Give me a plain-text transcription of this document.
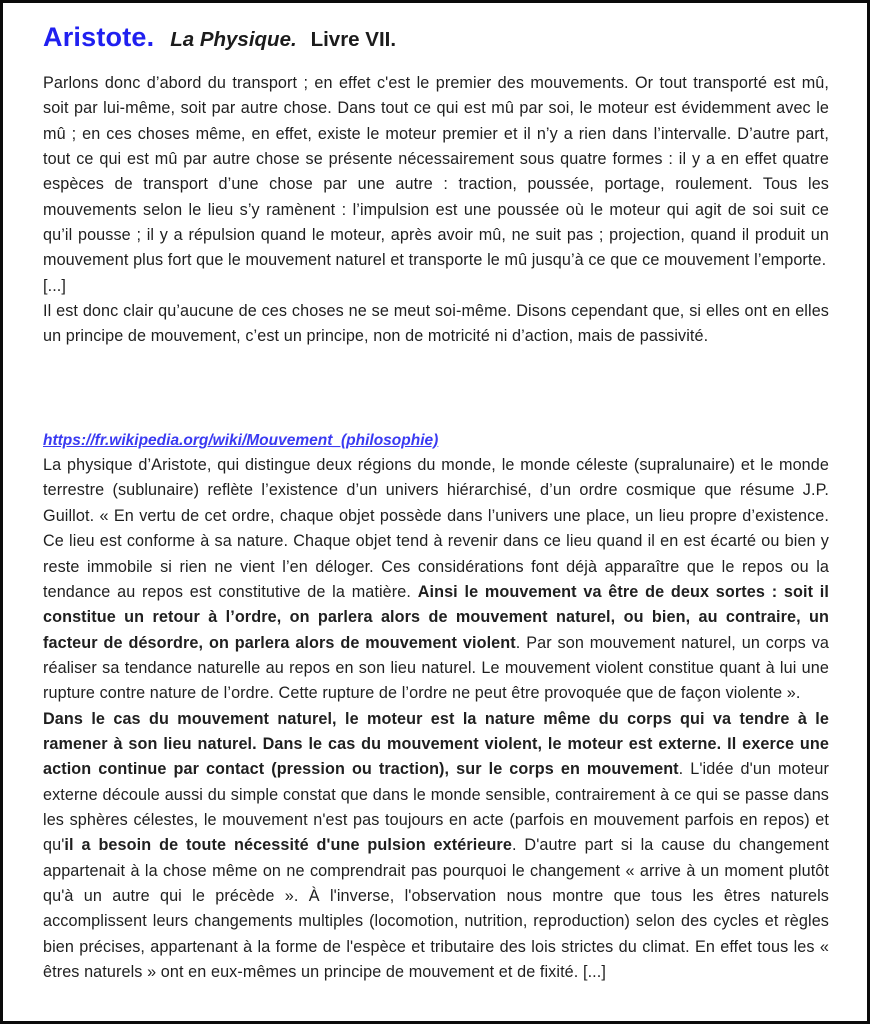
Aristote. La Physique. Livre VII.

Parlons donc d’abord du transport ; en effet c'est le premier des mouvements. Or tout transporté est mû, soit par lui-même, soit par autre chose. Dans tout ce qui est mû par soi, le moteur est évidemment avec le mû ; en ces choses même, en effet, existe le moteur premier et il n’y a rien dans l’intervalle. D’autre part, tout ce qui est mû par autre chose se présente nécessairement sous quatre formes : il y a en effet quatre espèces de transport d’une chose par une autre : traction, poussée, portage, roulement. Tous les mouvements selon le lieu s’y ramènent : l’impulsion est une poussée où le moteur qui agit de soi suit ce qu’il pousse ; il y a répulsion quand le moteur, après avoir mû, ne suit pas ; projection, quand il produit un mouvement plus fort que le mouvement naturel et transporte le mû jusqu’à ce que ce mouvement l’emporte.

[...]

Il est donc clair qu’aucune de ces choses ne se meut soi-même. Disons cependant que, si elles ont en elles un principe de mouvement, c’est un principe, non de motricité ni d’action, mais de passivité.

https://fr.wikipedia.org/wiki/Mouvement_(philosophie)

La physique d’Aristote, qui distingue deux régions du monde, le monde céleste (supralunaire) et le monde terrestre (sublunaire) reflète l’existence d’un univers hiérarchisé, d’un ordre cosmique que résume J.P. Guillot. « En vertu de cet ordre, chaque objet possède dans l’univers une place, un lieu propre d’existence. Ce lieu est conforme à sa nature. Chaque objet tend à revenir dans ce lieu quand il en est écarté ou bien y reste immobile si rien ne vient l’en déloger. Ces considérations font déjà apparaître que le repos ou la tendance au repos est constitutive de la matière. Ainsi le mouvement va être de deux sortes : soit il constitue un retour à l’ordre, on parlera alors de mouvement naturel, ou bien, au contraire, un facteur de désordre, on parlera alors de mouvement violent. Par son mouvement naturel, un corps va réaliser sa tendance naturelle au repos en son lieu naturel. Le mouvement violent constitue quant à lui une rupture contre nature de l’ordre. Cette rupture de l’ordre ne peut être provoquée que de façon violente ».

Dans le cas du mouvement naturel, le moteur est la nature même du corps qui va tendre à le ramener à son lieu naturel. Dans le cas du mouvement violent, le moteur est externe. Il exerce une action continue par contact (pression ou traction), sur le corps en mouvement. L'idée d'un moteur externe découle aussi du simple constat que dans le monde sensible, contrairement à ce qui se passe dans les sphères célestes, le mouvement n'est pas toujours en acte (parfois en mouvement parfois en repos) et qu'il a besoin de toute nécessité d'une pulsion extérieure. D'autre part si la cause du changement appartenait à la chose même on ne comprendrait pas pourquoi le changement « arrive à un moment plutôt qu'à un autre qui le précède ». À l'inverse, l'observation nous montre que tous les êtres naturels accomplissent leurs changements multiples (locomotion, nutrition, reproduction) selon des cycles et règles bien précises, appartenant à la forme de l'espèce et tributaire des lois strictes du climat. En effet tous les « êtres naturels » ont en eux-mêmes un principe de mouvement et de fixité. [...]
